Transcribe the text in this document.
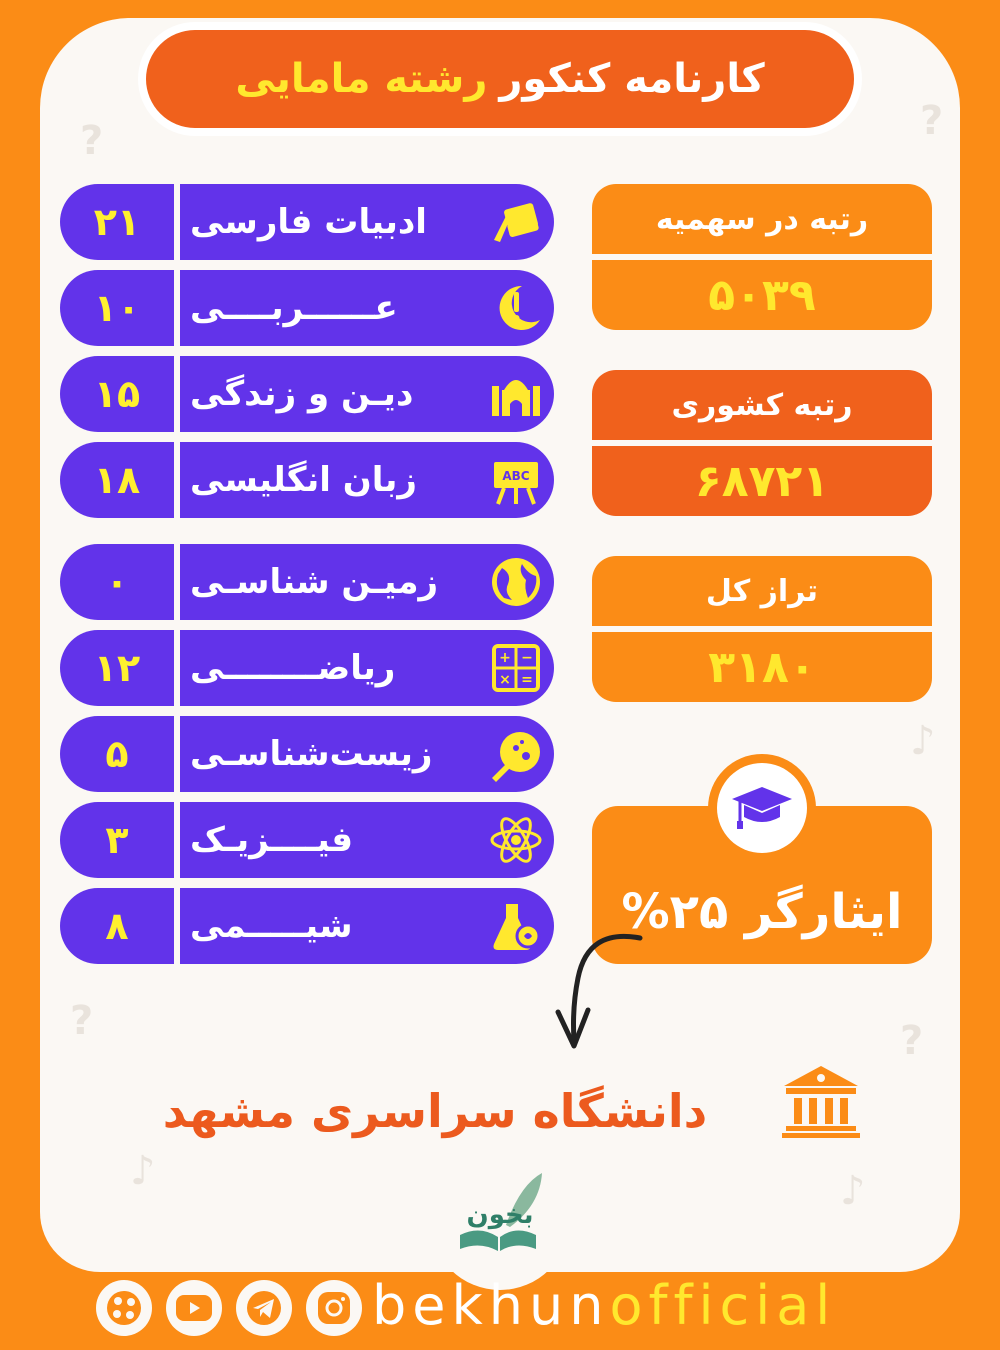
?	?
♪
?	?
♪	♪
کارنامه کنکور
رشته مامایی
۲۱	ادبیات فارسی
۱۰	عــــــربــــی
۱۵	دیـن و زندگی
۱۸	زبان انگلیسی	ABC
۰	زمیـن شناسـی
۱۲	ریاضــــــــی	+ −
× =
۵	زیست‌شناسـی
۳	فیــــزیـک
۸	شیـــــمی
رتبه در سهمیه
۵۰۳۹
رتبه کشوری
۶۸۷۲۱
تراز کل
۳۱۸۰
ایثارگر ۲۵%
دانشگاه سراسری مشهد
بخون
bekhun official
